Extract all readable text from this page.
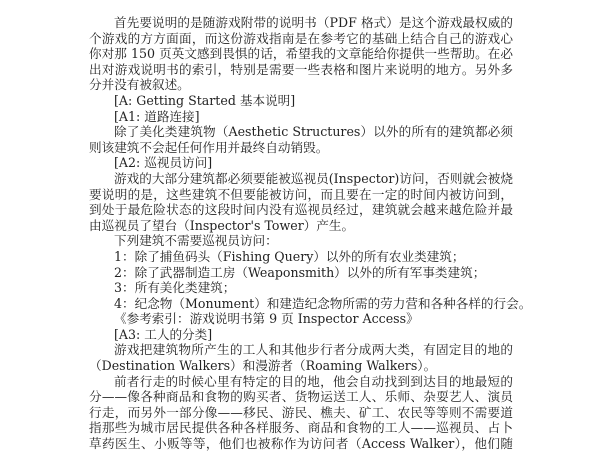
首先要说明的是随游戏附带的说明书（PDF 格式）是这个游戏最权威的
个游戏的方方面面，而这份游戏指南是在参考它的基础上结合自己的游戏心
你对那 150 页英文感到畏惧的话，希望我的文章能给你提供一些帮助。在必
出对游戏说明书的索引，特别是需要一些表格和图片来说明的地方。另外多
分并没有被叙述。
[A: Getting Started 基本说明]
[A1: 道路连接]
除了美化类建筑物（Aesthetic Structures）以外的所有的建筑都必须
则该建筑不会起任何作用并最终自动销毁。
[A2: 巡视员访问]
游戏的大部分建筑都必须要能被巡视员(Inspector)访问，否则就会被烧
要说明的是，这些建筑不但要能被访问，而且要在一定的时间内被访问到，
到处于最危险状态的这段时间内没有巡视员经过，建筑就会越来越危险并最
由巡视员了望台（Inspector's Tower）产生。
下列建筑不需要巡视员访问：
1：除了捕鱼码头（Fishing Query）以外的所有农业类建筑；
2：除了武器制造工房（Weaponsmith）以外的所有军事类建筑；
3：所有美化类建筑；
4：纪念物（Monument）和建造纪念物所需的劳力营和各种各样的行会。
《参考索引：游戏说明书第 9 页 Inspector Access》
[A3: 工人的分类]
游戏把建筑物所产生的工人和其他步行者分成两大类，有固定目的地的
（Destination Walkers）和漫游者（Roaming Walkers）。
前者行走的时候心里有特定的目的地，他会自动找到到达目的地最短的
分——像各种商品和食物的购买者、货物运送工人、乐师、杂耍艺人、演员
行走，而另外一部分像——移民、游民、樵夫、矿工、农民等等则不需要道
指那些为城市居民提供各种各样服务、商品和食物的工人——巡视员、占卜
草药医生、小贩等等，他们也被称作为访问者（Access Walker），他们随
